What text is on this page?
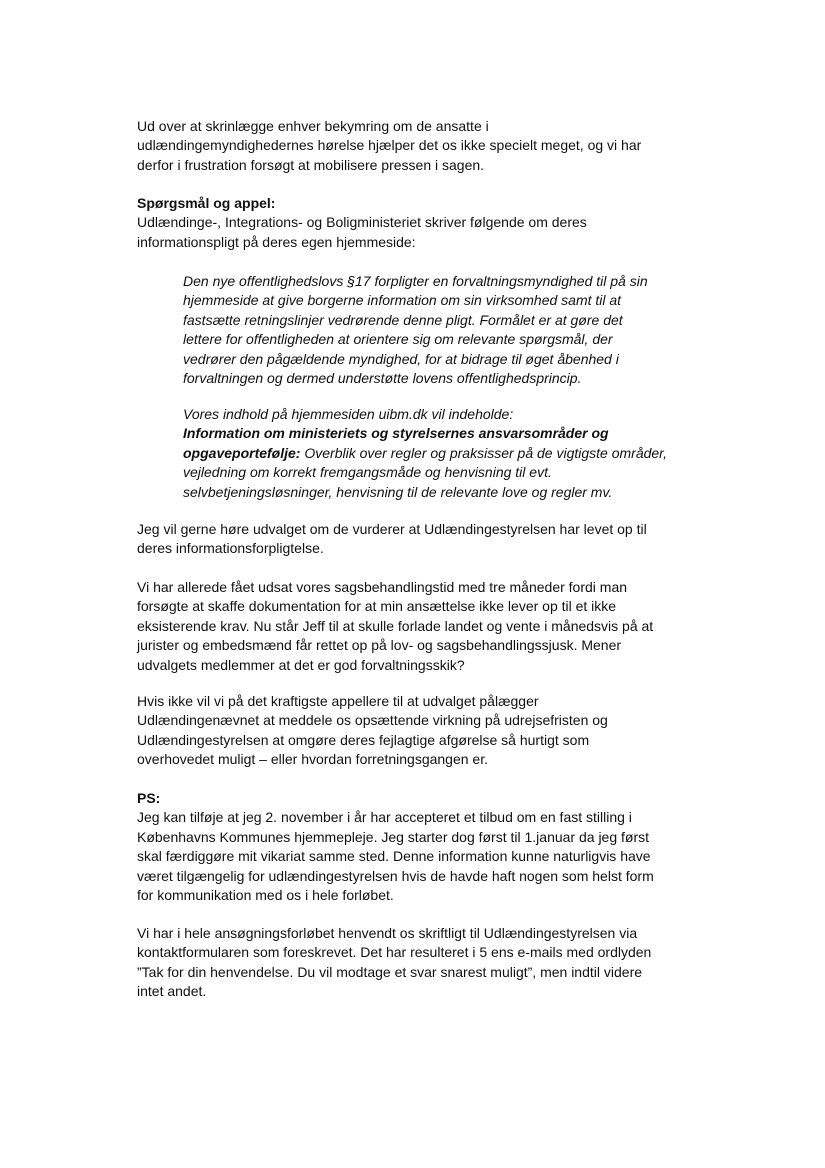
Ud over at skrinlægge enhver bekymring om de ansatte i
udlændingemyndighedernes hørelse hjælper det os ikke specielt meget, og vi har
derfor i frustration forsøgt at mobilisere pressen i sagen.

Spørgsmål og appel:

Udlændinge-, Integrations- og Boligministeriet skriver følgende om deres
informationspligt på deres egen hjemmeside:

Den nye offentlighedslovs §17 forpligter en forvaltningsmyndighed til på sin
hjemmeside at give borgerne information om sin virksomhed samt til at
fastsætte retningslinjer vedrørende denne pligt. Formålet er at gøre det
lettere for offentligheden at orientere sig om relevante spørgsmål, der
vedrører den pågældende myndighed, for at bidrage til øget åbenhed i
forvaltningen og dermed understøtte lovens offentlighedsprincip.

Vores indhold på hjemmesiden uibm.dk vil indeholde:

Information om ministeriets og styrelsernes ansvarsområder og
opgaveportefølje: Overblik over regler og praksisser på de vigtigste områder,
vejledning om korrekt fremgangsmåde og henvisning til evt.
selvbetjeningsløsninger, henvisning til de relevante love og regler mv.

Jeg vil gerne høre udvalget om de vurderer at Udlændingestyrelsen har levet op til
deres informationsforpligtelse.

Vi har allerede fået udsat vores sagsbehandlingstid med tre måneder fordi man
forsøgte at skaffe dokumentation for at min ansættelse ikke lever op til et ikke
eksisterende krav. Nu står Jeff til at skulle forlade landet og vente i månedsvis på at
jurister og embedsmænd får rettet op på lov- og sagsbehandlingssjusk. Mener
udvalgets medlemmer at det er god forvaltningsskik?

Hvis ikke vil vi på det kraftigste appellere til at udvalget pålægger
Udlændingenævnet at meddele os opsættende virkning på udrejsefristen og
Udlændingestyrelsen at omgøre deres fejlagtige afgørelse så hurtigt som
overhovedet muligt – eller hvordan forretningsgangen er.

PS:

Jeg kan tilføje at jeg 2. november i år har accepteret et tilbud om en fast stilling i
Københavns Kommunes hjemmepleje. Jeg starter dog først til 1.januar da jeg først
skal færdiggøre mit vikariat samme sted. Denne information kunne naturligvis have
været tilgængelig for udlændingestyrelsen hvis de havde haft nogen som helst form
for kommunikation med os i hele forløbet.

Vi har i hele ansøgningsforløbet henvendt os skriftligt til Udlændingestyrelsen via
kontaktformularen som foreskrevet. Det har resulteret i 5 ens e-mails med ordlyden
”Tak for din henvendelse. Du vil modtage et svar snarest muligt”, men indtil videre
intet andet.
